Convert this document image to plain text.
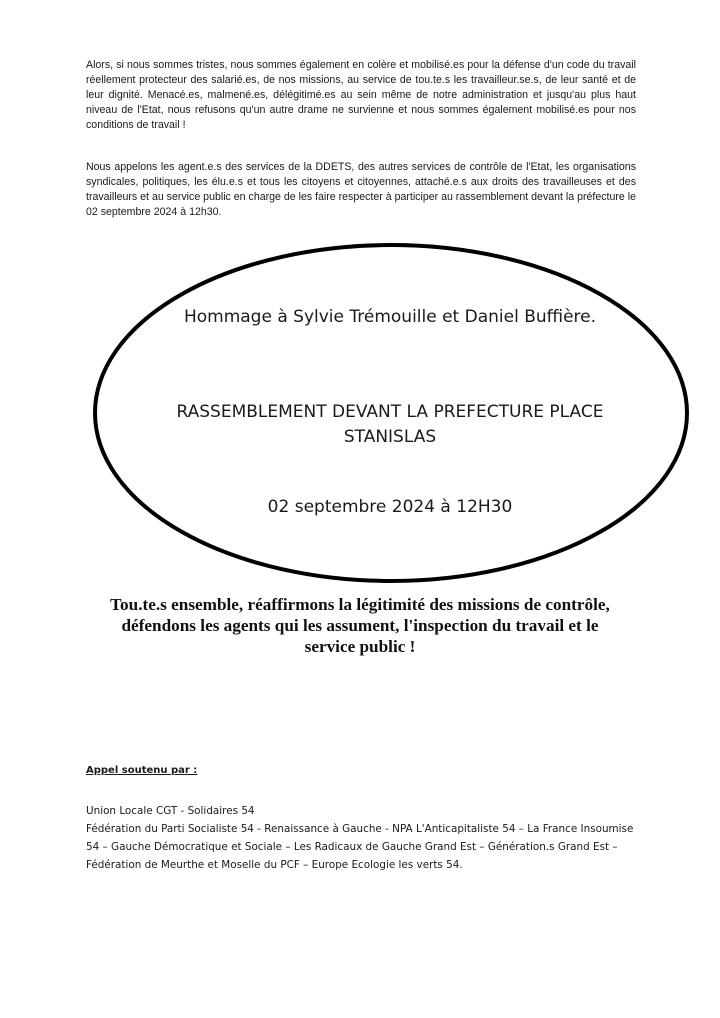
Alors, si nous sommes tristes, nous sommes également en colère et mobilisé.es pour la défense d'un code du travail réellement protecteur des salarié.es, de nos missions, au service de tou.te.s les travailleur.se.s, de leur santé et de leur dignité. Menacé.es, malmené.es, délégitimé.es au sein même de notre administration et jusqu'au plus haut niveau de l'Etat, nous refusons qu'un autre drame ne survienne et nous sommes également mobilisé.es pour nos conditions de travail !

Nous appelons les agent.e.s des services de la DDETS, des autres services de contrôle de l'Etat, les organisations syndicales, politiques, les élu.e.s et tous les citoyens et citoyennes, attaché.e.s aux droits des travailleuses et des travailleurs et au service public en charge de les faire respecter à participer au rassemblement devant la préfecture le 02 septembre 2024 à 12h30.

Hommage à Sylvie Trémouille et Daniel Buffière.

RASSEMBLEMENT DEVANT LA PREFECTURE PLACE STANISLAS

02 septembre 2024 à 12H30

Tou.te.s ensemble, réaffirmons la légitimité des missions de contrôle, défendons les agents qui les assument, l'inspection du travail et le service public !

Appel soutenu par :

Union Locale CGT - Solidaires 54

Fédération du Parti Socialiste 54 - Renaissance à Gauche - NPA L'Anticapitaliste 54 – La France Insoumise 54 – Gauche Démocratique et Sociale – Les Radicaux de Gauche Grand Est – Génération.s Grand Est – Fédération de Meurthe et Moselle du PCF – Europe Ecologie les verts 54.
